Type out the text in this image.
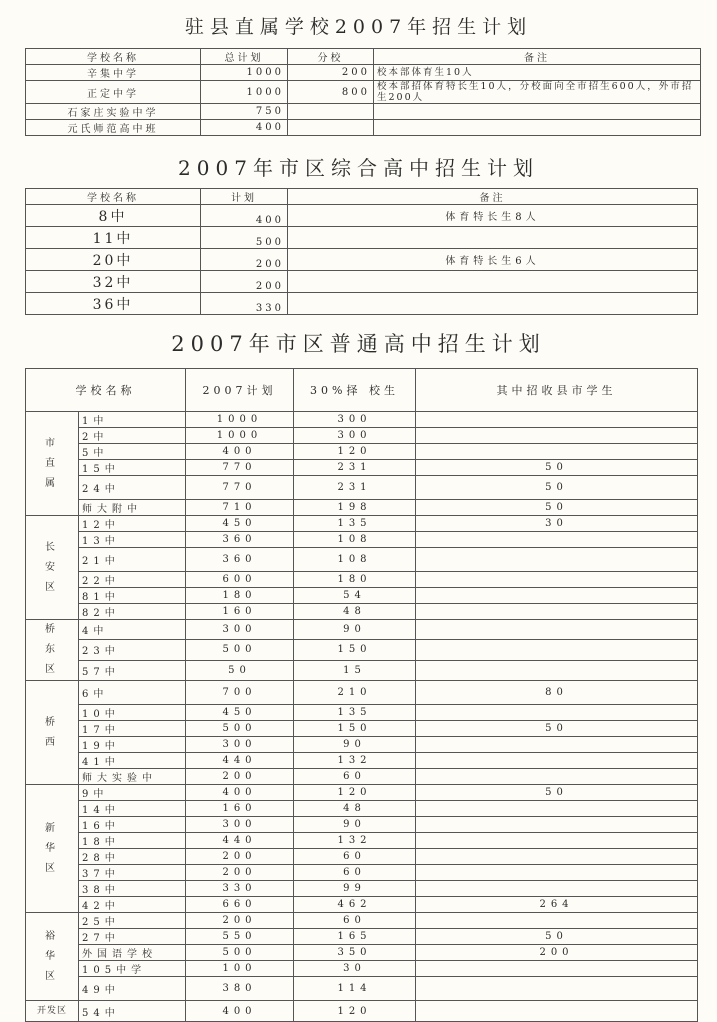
驻县直属学校2007年招生计划
学校名称	总计划	分校	备注
辛集中学	1000	200	校本部体育生10人
正定中学	1000	800	校本部招体育特长生10人，分校面向全市招生600人，外市招生200人
石家庄实验中学	750		
元氏师范高中班	400		
2007年市区综合高中招生计划
学校名称	计划	备注
8中	400	体育特长生8人
11中	500	
20中	200	体育特长生6人
32中	200	
36中	330	
2007年市区普通高中招生计划
学校名称		2007计划	30%择 校生	其中招收县市学生
市直属	1中	1000	300	
	2中	1000	300	
	5中	400	120	
	15中	770	231	50
	24中	770	231	50
	师大附中	710	198	50
长安区	12中	450	135	30
	13中	360	108	
	21中	360	108	
	22中	600	180	
	81中	180	54	
	82中	160	48	
桥东区	4中	300	90	
	23中	500	150	
	57中	50	15	
桥西	6中	700	210	80
	10中	450	135	
	17中	500	150	50
	19中	300	90	
	41中	440	132	
	师大实验中	200	60	
新华区	9中	400	120	50
	14中	160	48	
	16中	300	90	
	18中	440	132	
	28中	200	60	
	37中	200	60	
	38中	330	99	
	42中	660	462	264
裕华区	25中	200	60	
	27中	550	165	50
	外国语学校	500	350	200
	105中学	100	30	
	49中	380	114	
开发区	54中	400	120	
